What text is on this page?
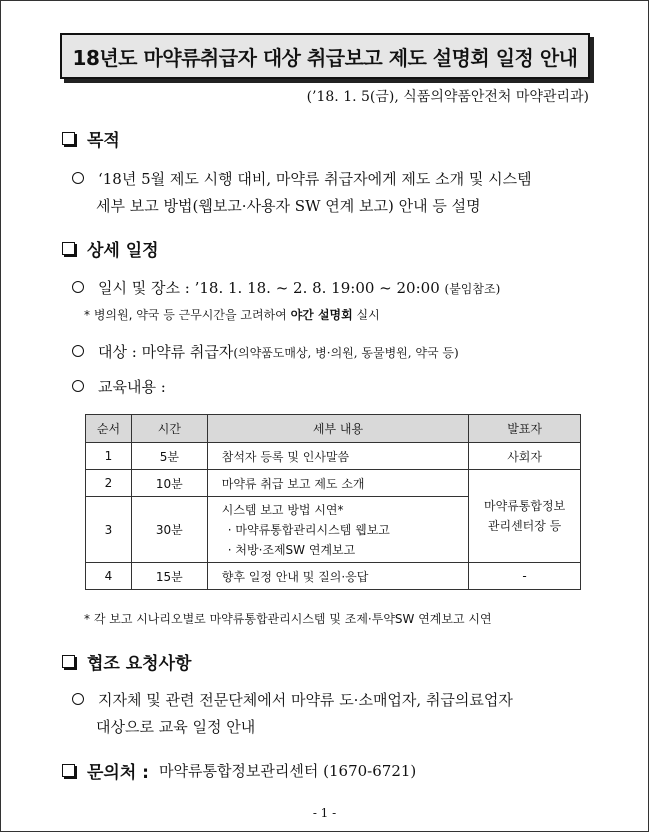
18년도 마약류취급자 대상 취급보고 제도 설명회 일정 안내
(’18. 1. 5(금), 식품의약품안전처 마약관리과)
목적
‘18년 5월 제도 시행 대비, 마약류 취급자에게 제도 소개 및 시스템
세부 보고 방법(웹보고·사용자 SW 연계 보고) 안내 등 설명
상세 일정
일시 및 장소 : ’18. 1. 18. ~ 2. 8. 19:00 ~ 20:00 (붙임참조)
* 병의원, 약국 등 근무시간을 고려하여 야간 설명회 실시
대상 : 마약류 취급자(의약품도매상, 병·의원, 동물병원, 약국 등)
교육내용 :
순서	시간	세부 내용	발표자
1	5분	참석자 등록 및 인사말씀	사회자
2	10분	마약류 취급 보고 제도 소개	마약류통합정보
관리센터장 등

3	30분	시스템 보고 방법 시연*
· 마약류통합관리시스템 웹보고
· 처방·조제SW 연계보고	

4	15분	향후 일정 안내 및 질의·응답	-
* 각 보고 시나리오별로 마약류통합관리시스템 및 조제·투약SW 연계보고 시연
협조 요청사항
지자체 및 관련 전문단체에서 마약류 도·소매업자, 취급의료업자
대상으로 교육 일정 안내
문의처 : 마약류통합정보관리센터 (1670-6721)
- 1 -
